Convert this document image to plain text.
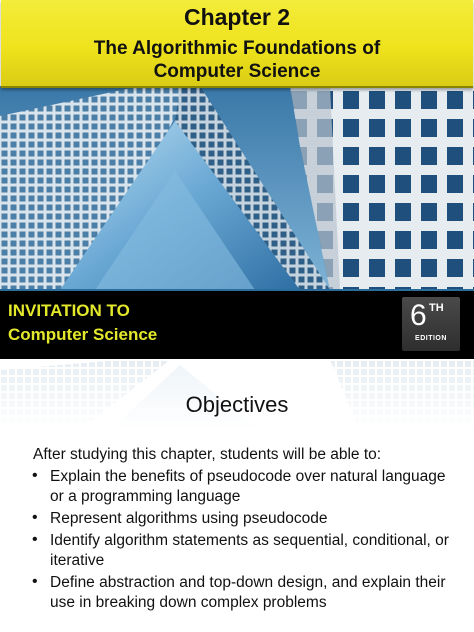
Chapter 2
The Algorithmic Foundations of Computer Science
INVITATION TO
Computer Science
6 TH
EDITION
Objectives
After studying this chapter, students will be able to:
• Explain the benefits of pseudocode over natural language or a programming language
• Represent algorithms using pseudocode
• Identify algorithm statements as sequential, conditional, or iterative
• Define abstraction and top-down design, and explain their use in breaking down complex problems
